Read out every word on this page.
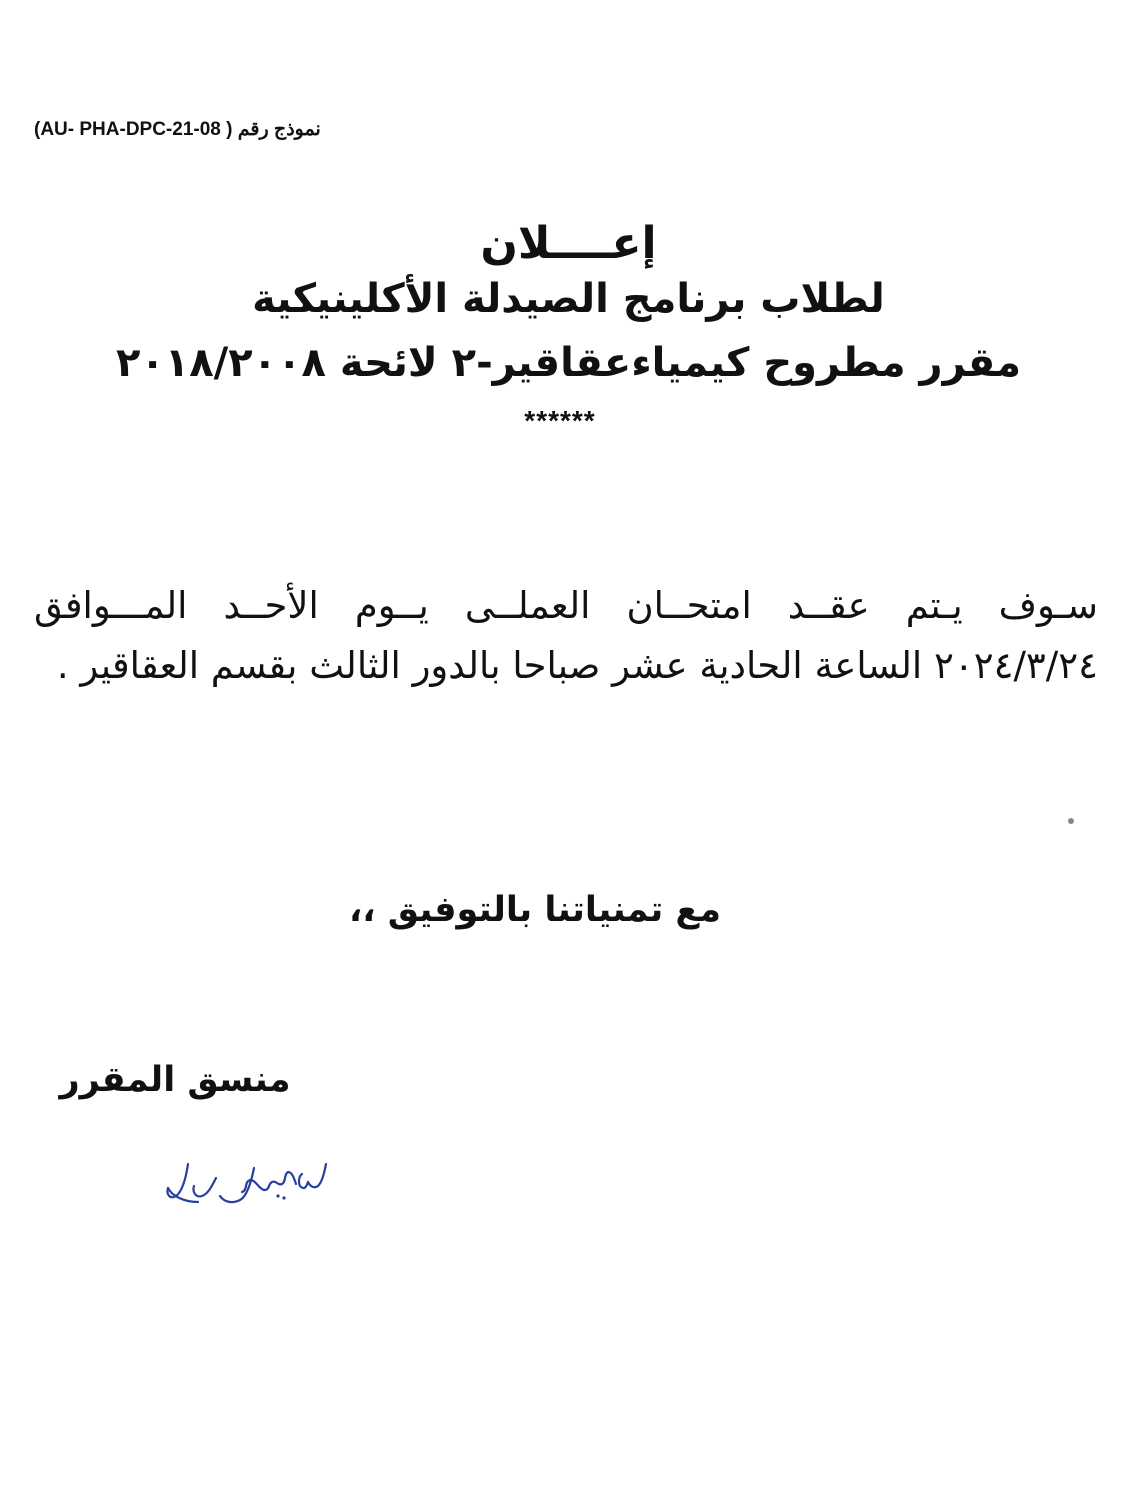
نموذج رقم ( AU- PHA-DPC-21-08)
إعــــلان
لطلاب برنامج الصيدلة الأكلينيكية
مقرر مطروح كيمياءعقاقير-٢ لائحة ٢٠١٨/٢٠٠٨
******
سـوف يـتم عقــد امتحــان العملــى يــوم الأحــد المـــوافق ٢٠٢٤/٣/٢٤ الساعة الحادية عشر صباحا بالدور الثالث بقسم العقاقير .
مع تمنياتنا بالتوفيق ،،
منسق المقرر
